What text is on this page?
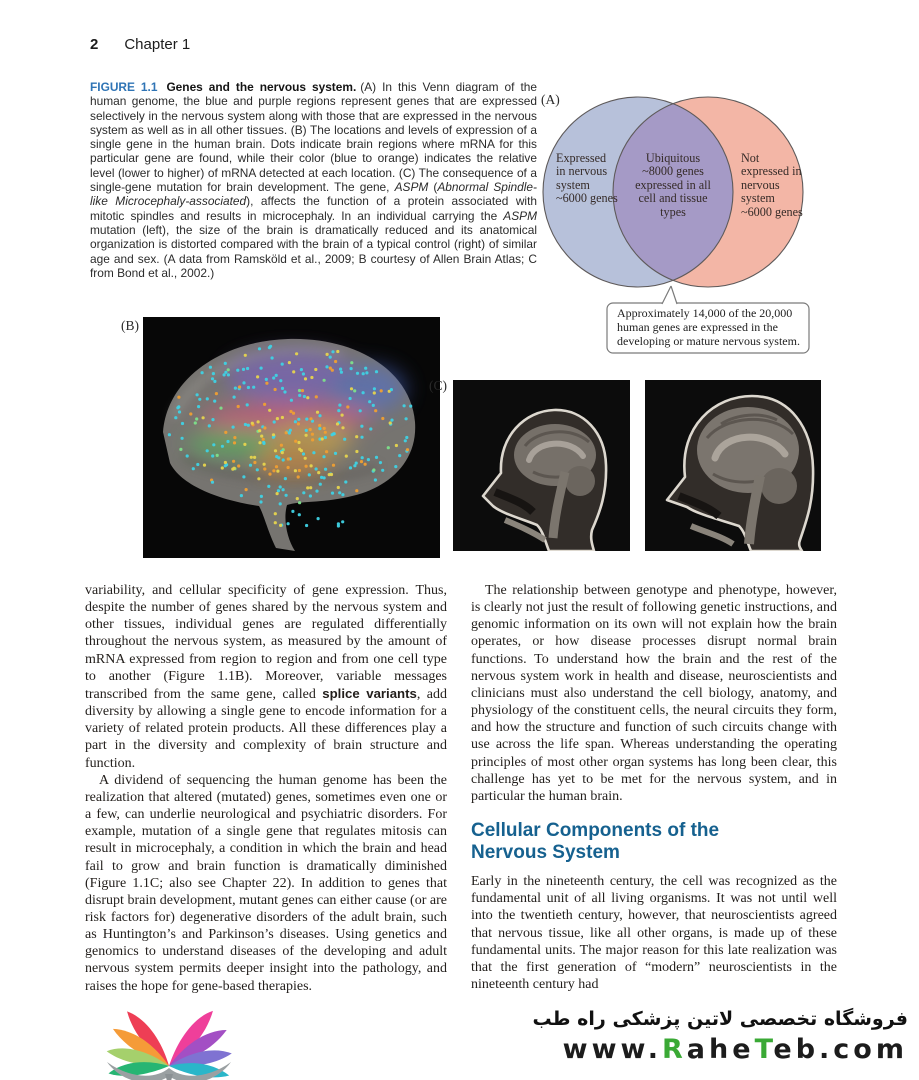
2 Chapter 1

FIGURE 1.1 Genes and the nervous system. (A) In this Venn diagram of the human genome, the blue and purple regions represent genes that are expressed selectively in the nervous system along with those that are expressed in the nervous system as well as in all other tissues. (B) The locations and levels of expression of a single gene in the human brain. Dots indicate brain regions where mRNA for this particular gene are found, while their color (blue to orange) indicates the relative level (lower to higher) of mRNA detected at each location. (C) The consequence of a single-gene mutation for brain development. The gene, ASPM (Abnormal Spindle-like Microcephaly-associated), affects the function of a protein associated with mitotic spindles and results in microcephaly. In an individual carrying the ASPM mutation (left), the size of the brain is dramatically reduced and its anatomical organization is distorted compared with the brain of a typical control (right) of similar age and sex. (A data from Ramsköld et al., 2009; B courtesy of Allen Brain Atlas; C from Bond et al., 2002.)

(A)
Expressed in nervous system ~6000 genes
Ubiquitous ~8000 genes expressed in all cell and tissue types
Not expressed in nervous system ~6000 genes
Approximately 14,000 of the 20,000 human genes are expressed in the developing or mature nervous system.
(B)
(C)

variability, and cellular specificity of gene expression. Thus, despite the number of genes shared by the nervous system and other tissues, individual genes are regulated differentially throughout the nervous system, as measured by the amount of mRNA expressed from region to region and from one cell type to another (Figure 1.1B). Moreover, variable messages transcribed from the same gene, called splice variants, add diversity by allowing a single gene to encode information for a variety of related protein products. All these differences play a part in the diversity and complexity of brain structure and function.

A dividend of sequencing the human genome has been the realization that altered (mutated) genes, sometimes even one or a few, can underlie neurological and psychiatric disorders. For example, mutation of a single gene that regulates mitosis can result in microcephaly, a condition in which the brain and head fail to grow and brain function is dramatically diminished (Figure 1.1C; also see Chapter 22). In addition to genes that disrupt brain development, mutant genes can either cause (or are risk factors for) degenerative disorders of the adult brain, such as Huntington’s and Parkinson’s diseases. Using genetics and genomics to understand diseases of the developing and adult nervous system permits deeper insight into the pathology, and raises the hope for gene-based therapies.

The relationship between genotype and phenotype, however, is clearly not just the result of following genetic instructions, and genomic information on its own will not explain how the brain operates, or how disease processes disrupt normal brain functions. To understand how the brain and the rest of the nervous system work in health and disease, neuroscientists and clinicians must also understand the cell biology, anatomy, and physiology of the constituent cells, the neural circuits they form, and how the structure and function of such circuits change with use across the life span. Whereas understanding the operating principles of most other organ systems has long been clear, this challenge has yet to be met for the nervous system, and in particular the human brain.

Cellular Components of the Nervous System

Early in the nineteenth century, the cell was recognized as the fundamental unit of all living organisms. It was not until well into the twentieth century, however, that neuroscientists agreed that nervous tissue, like all other organs, is made up of these fundamental units. The major reason for this late realization was that the first generation of “modern” neuroscientists in the nineteenth century had

فروشگاه تخصصی لاتین پزشکی راه طب
www.RaheTeb.com
